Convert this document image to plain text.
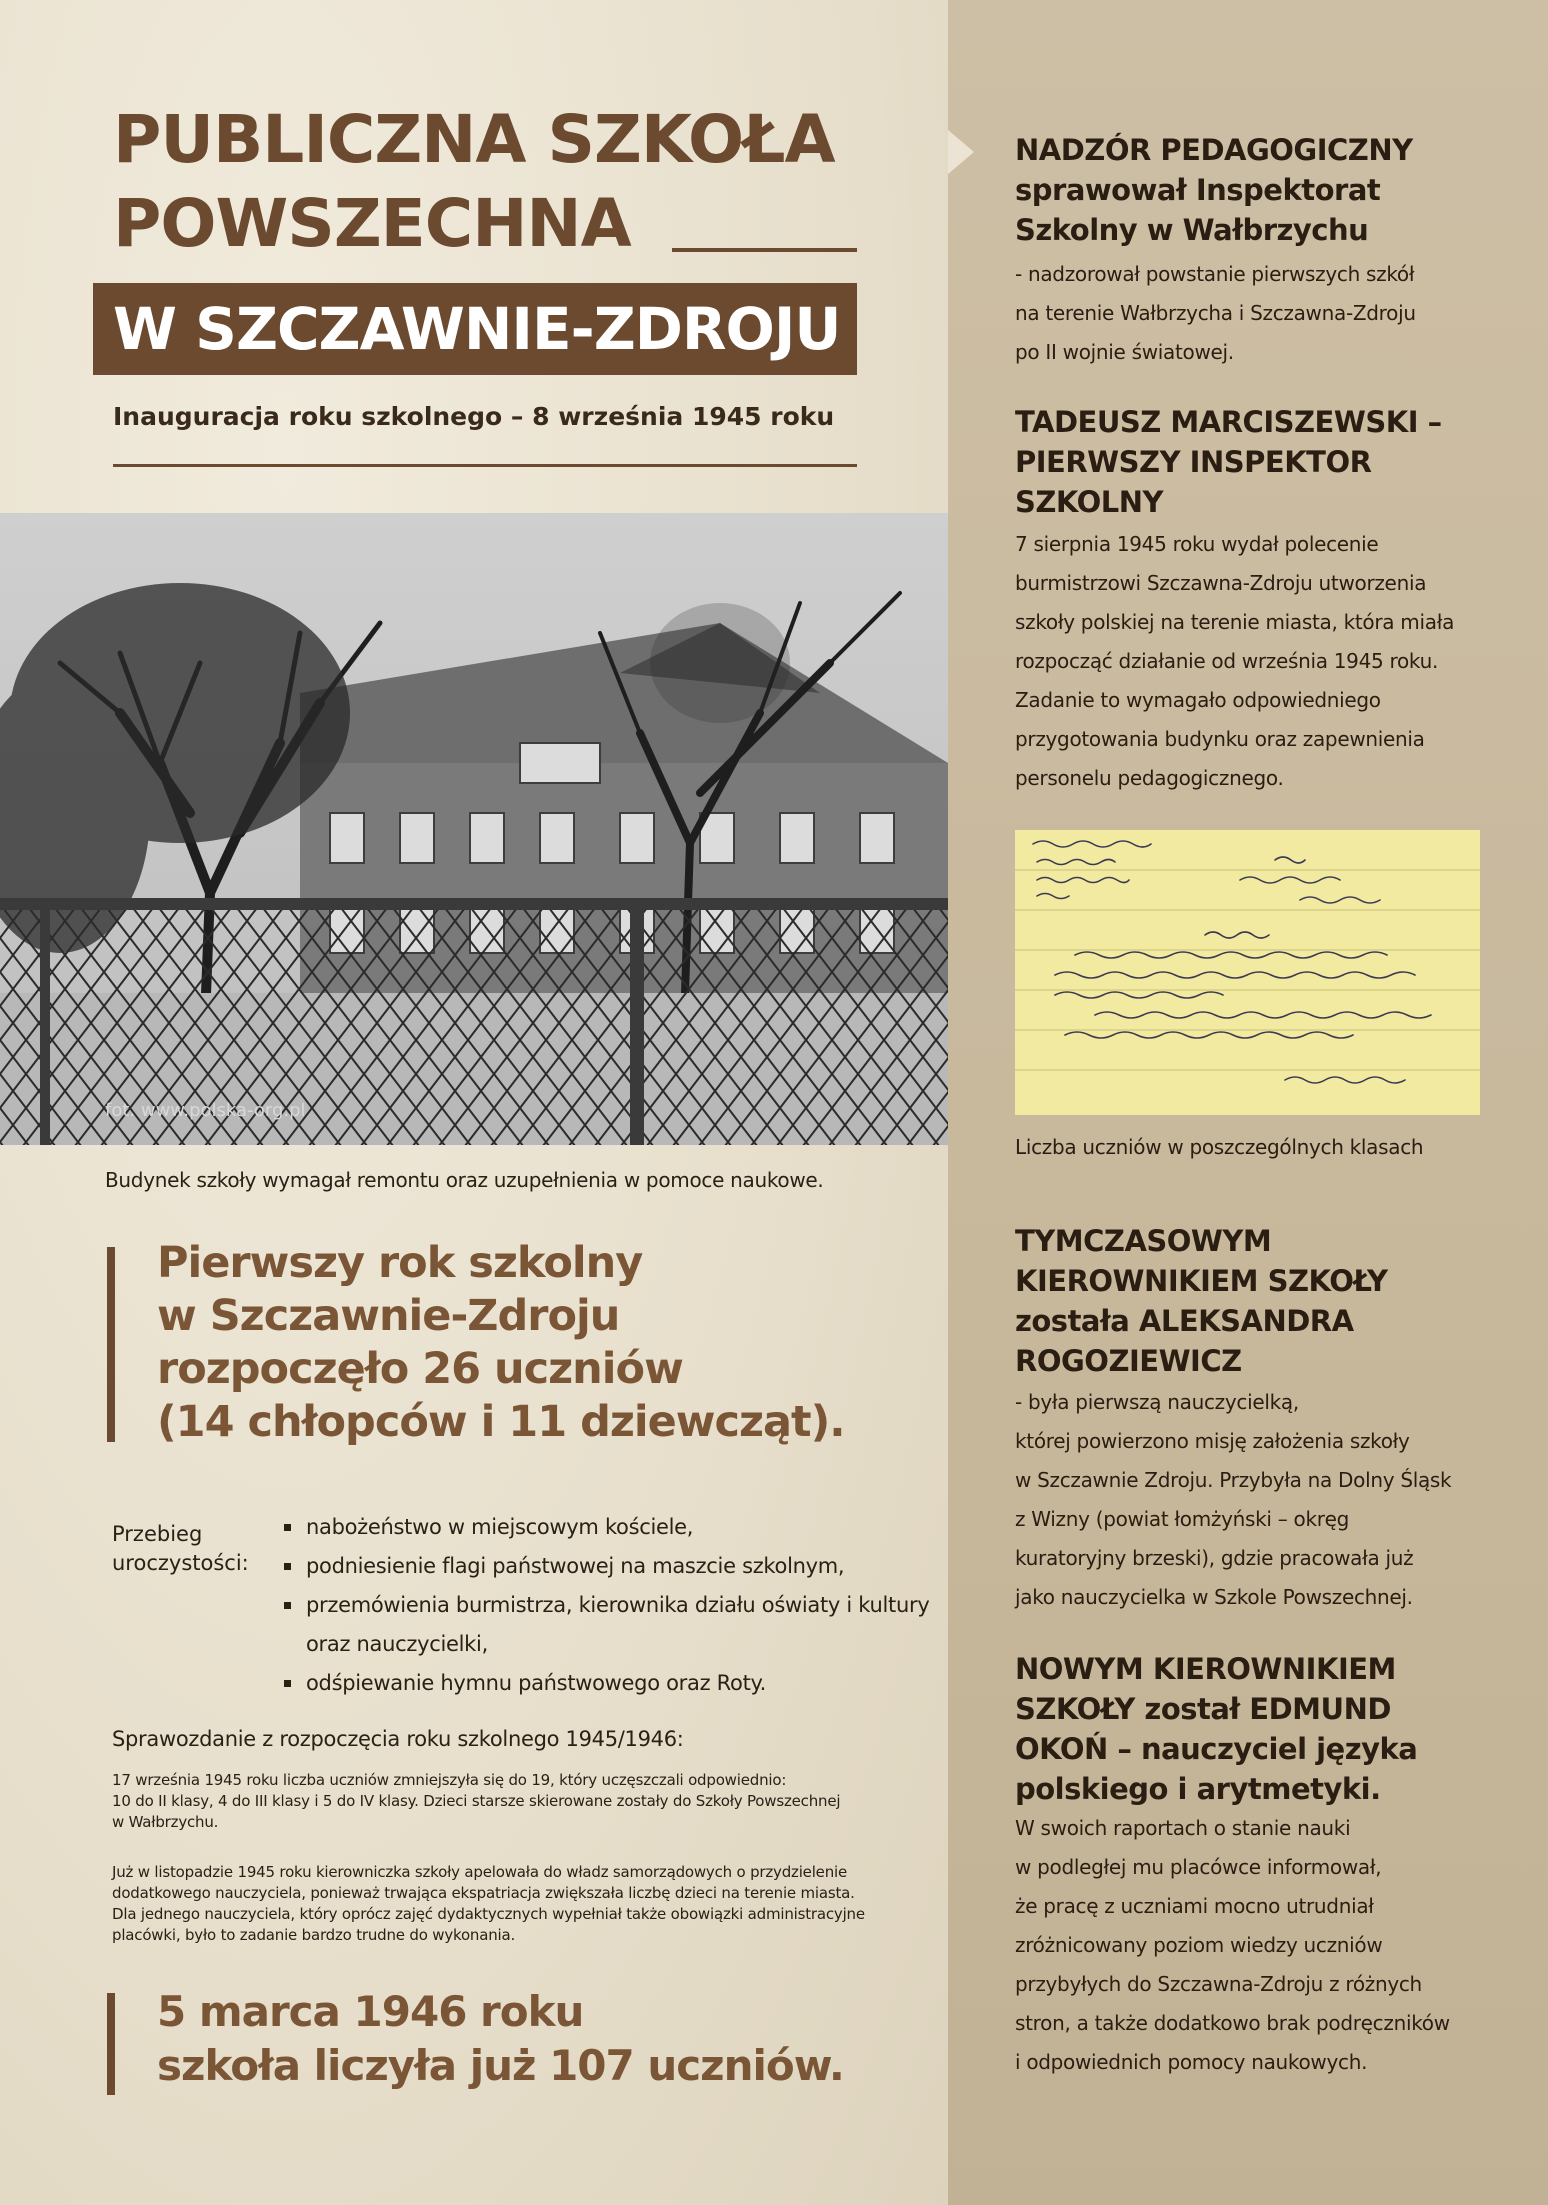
PUBLICZNA SZKOŁA
POWSZECHNA
W SZCZAWNIE-ZDROJU
Inauguracja roku szkolnego – 8 września 1945 roku
fot. www.polska-org.pl
Budynek szkoły wymagał remontu oraz uzupełnienia w pomoce naukowe.

Pierwszy rok szkolny
w Szczawnie-Zdroju
rozpoczęło 26 uczniów
(14 chłopców i 11 dziewcząt).

Przebieg
uroczystości:
nabożeństwo w miejscowym kościele,
podniesienie flagi państwowej na maszcie szkolnym,
przemówienia burmistrza, kierownika działu oświaty i kultury
oraz nauczycielki,
odśpiewanie hymnu państwowego oraz Roty.
Sprawozdanie z rozpoczęcia roku szkolnego 1945/1946:

17 września 1945 roku liczba uczniów zmniejszyła się do 19, który uczęszczali odpowiednio:
10 do II klasy, 4 do III klasy i 5 do IV klasy. Dzieci starsze skierowane zostały do Szkoły Powszechnej
w Wałbrzychu.

Już w listopadzie 1945 roku kierowniczka szkoły apelowała do władz samorządowych o przydzielenie
dodatkowego nauczyciela, ponieważ trwająca ekspatriacja zwiększała liczbę dzieci na terenie miasta.
Dla jednego nauczyciela, który oprócz zajęć dydaktycznych wypełniał także obowiązki administracyjne
placówki, było to zadanie bardzo trudne do wykonania.

5 marca 1946 roku
szkoła liczyła już 107 uczniów.

NADZÓR PEDAGOGICZNY
sprawował Inspektorat
Szkolny w Wałbrzychu

- nadzorował powstanie pierwszych szkół
na terenie Wałbrzycha i Szczawna-Zdroju
po II wojnie światowej.

TADEUSZ MARCISZEWSKI –
PIERWSZY INSPEKTOR
SZKOLNY

7 sierpnia 1945 roku wydał polecenie
burmistrzowi Szczawna-Zdroju utworzenia
szkoły polskiej na terenie miasta, która miała
rozpocząć działanie od września 1945 roku.
Zadanie to wymagało odpowiedniego
przygotowania budynku oraz zapewnienia
personelu pedagogicznego.

Liczba uczniów w poszczególnych klasach

TYMCZASOWYM
KIEROWNIKIEM SZKOŁY
została ALEKSANDRA
ROGOZIEWICZ

- była pierwszą nauczycielką,
której powierzono misję założenia szkoły
w Szczawnie Zdroju. Przybyła na Dolny Śląsk
z Wizny (powiat łomżyński – okręg
kuratoryjny brzeski), gdzie pracowała już
jako nauczycielka w Szkole Powszechnej.

NOWYM KIEROWNIKIEM
SZKOŁY został EDMUND
OKOŃ – nauczyciel języka
polskiego i arytmetyki.

W swoich raportach o stanie nauki
w podległej mu placówce informował,
że pracę z uczniami mocno utrudniał
zróżnicowany poziom wiedzy uczniów
przybyłych do Szczawna-Zdroju z różnych
stron, a także dodatkowo brak podręczników
i odpowiednich pomocy naukowych.
